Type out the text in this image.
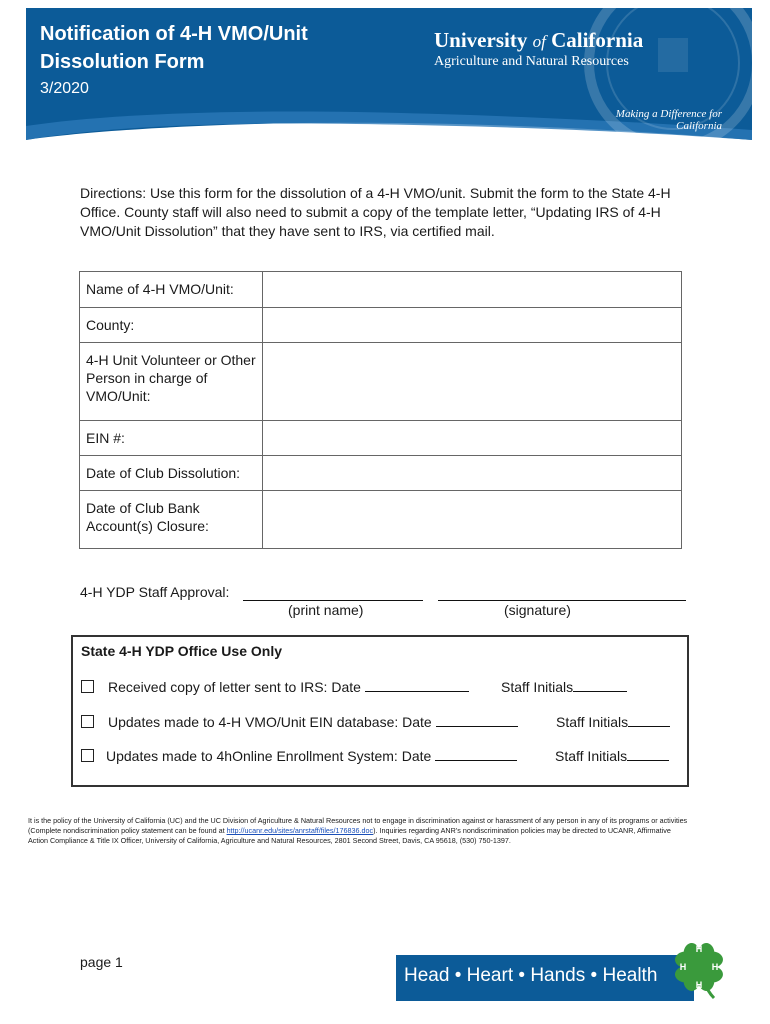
Notification of 4-H VMO/Unit Dissolution Form
3/2020
University of California
Agriculture and Natural Resources
Making a Difference for California
Directions: Use this form for the dissolution of a 4-H VMO/unit. Submit the form to the State 4-H Office. County staff will also need to submit a copy of the template letter, “Updating IRS of 4-H VMO/Unit Dissolution” that they have sent to IRS, via certified mail.
Name of 4-H VMO/Unit:	
County:	
4-H Unit Volunteer or Other Person in charge of VMO/Unit:	
EIN #:	
Date of Club Dissolution:	
Date of Club Bank Account(s) Closure:	
4-H YDP Staff Approval:
(print name)	(signature)
State 4-H YDP Office Use Only
Received copy of letter sent to IRS: Date	Staff Initials
Updates made to 4-H VMO/Unit EIN database: Date	Staff Initials
Updates made to 4hOnline Enrollment System: Date	Staff Initials
It is the policy of the University of California (UC) and the UC Division of Agriculture & Natural Resources not to engage in discrimination against or harassment of any person in any of its programs or activities (Complete nondiscrimination policy statement can be found at http://ucanr.edu/sites/anrstaff/files/176836.doc). Inquiries regarding ANR’s nondiscrimination policies may be directed to UCANR, Affirmative Action Compliance & Title IX Officer, University of California, Agriculture and Natural Resources, 2801 Second Street, Davis, CA 95618, (530) 750-1397.
page 1
Head • Heart • Hands • Health
H
H
H
H
